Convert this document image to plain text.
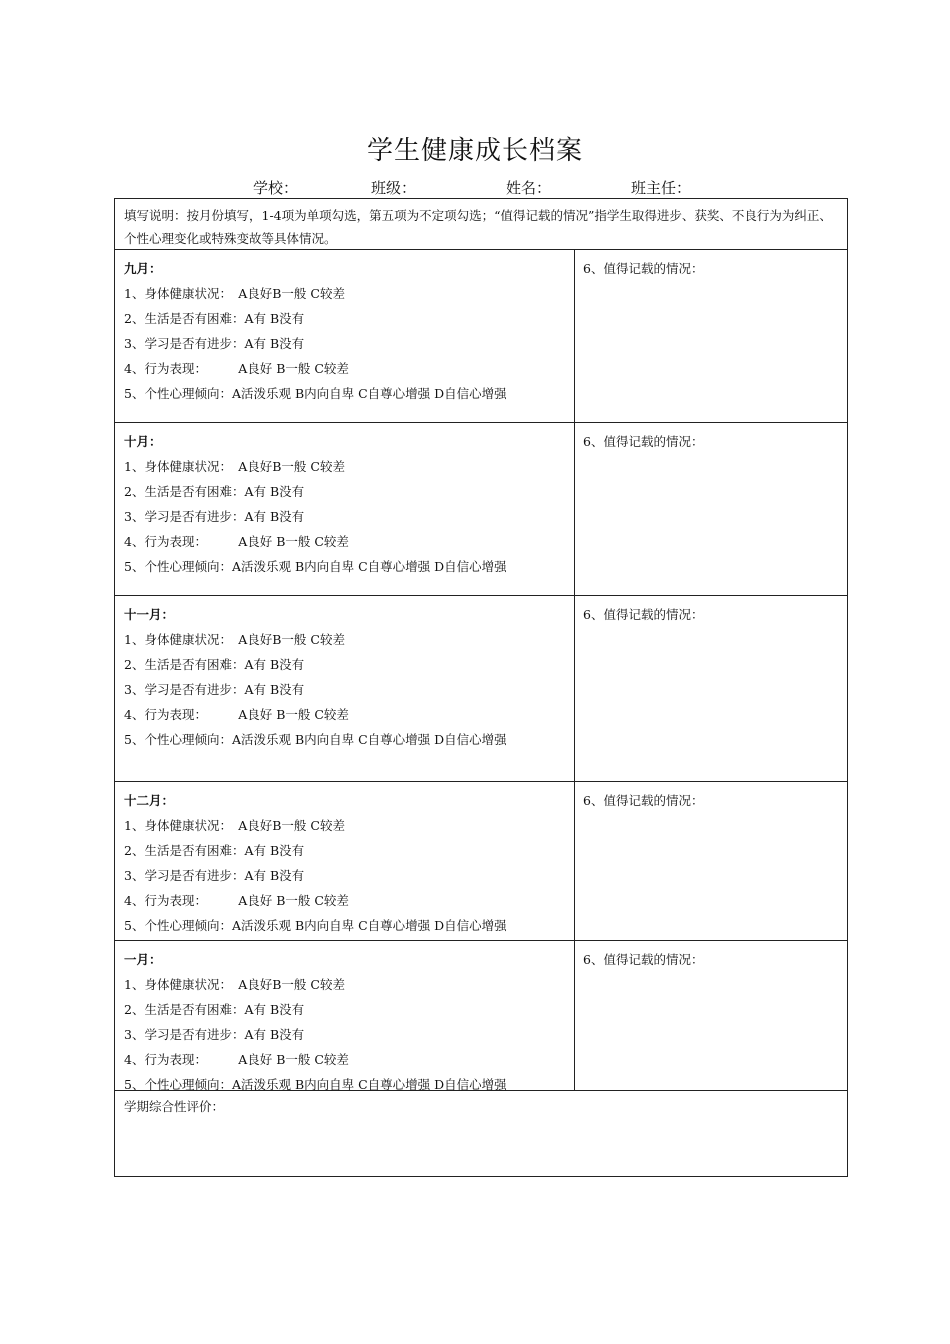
学生健康成长档案
学校：	班级：	姓名：	班主任：
填写说明：按月份填写，1-4项为单项勾选，第五项为不定项勾选；“值得记载的情况”指学生取得进步、获奖、不良行为为纠正、个性心理变化或特殊变故等具体情况。
九月：
1、身体健康状况：　A良好B一般 C较差
2、生活是否有困难：A有 B没有
3、学习是否有进步：A有 B没有
4、行为表现：　　　A良好 B一般 C较差
5、个性心理倾向：A活泼乐观 B内向自卑 C自尊心增强 D自信心增强
6、值得记载的情况：
十月：
1、身体健康状况：　A良好B一般 C较差
2、生活是否有困难：A有 B没有
3、学习是否有进步：A有 B没有
4、行为表现：　　　A良好 B一般 C较差
5、个性心理倾向：A活泼乐观 B内向自卑 C自尊心增强 D自信心增强
6、值得记载的情况：
十一月：
1、身体健康状况：　A良好B一般 C较差
2、生活是否有困难：A有 B没有
3、学习是否有进步：A有 B没有
4、行为表现：　　　A良好 B一般 C较差
5、个性心理倾向：A活泼乐观 B内向自卑 C自尊心增强 D自信心增强
6、值得记载的情况：
十二月：
1、身体健康状况：　A良好B一般 C较差
2、生活是否有困难：A有 B没有
3、学习是否有进步：A有 B没有
4、行为表现：　　　A良好 B一般 C较差
5、个性心理倾向：A活泼乐观 B内向自卑 C自尊心增强 D自信心增强
6、值得记载的情况：
一月：
1、身体健康状况：　A良好B一般 C较差
2、生活是否有困难：A有 B没有
3、学习是否有进步：A有 B没有
4、行为表现：　　　A良好 B一般 C较差
5、个性心理倾向：A活泼乐观 B内向自卑 C自尊心增强 D自信心增强
6、值得记载的情况：
学期综合性评价：
